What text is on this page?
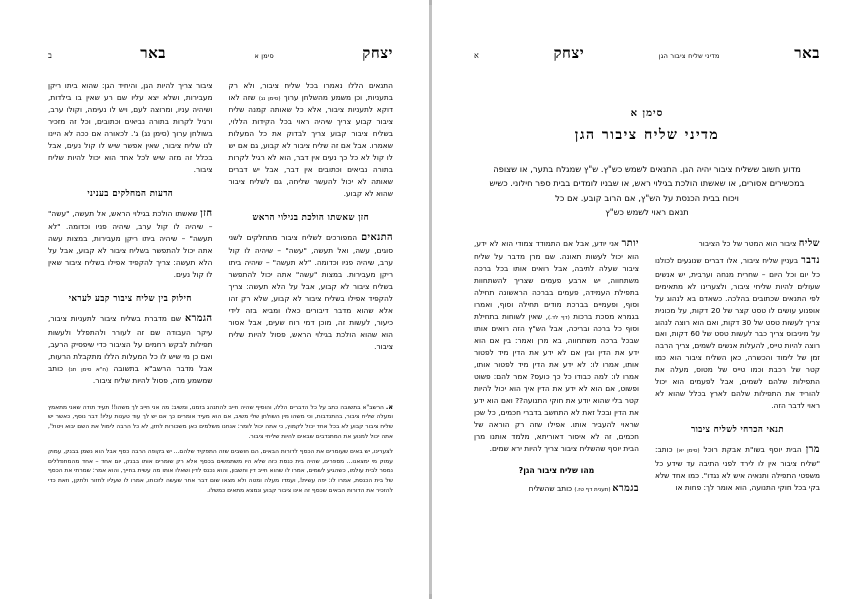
יצחק
סימן א
באר
ב

התנאים הללו נאמרו בכל שליח ציבור, ולא רק בתעניות, וכן משמע מהשלחן ערוך (סימן נג) שזה לאו דוקא לתעניות ציבור, אלא כל שאותה קמנה שליח ציבור קבוע צריך שיהיה ראוי בכל הקידות הללוי, בשליח ציבור קבוע צריך לבדוק את כל המעלות שאמרו. אבל אם זה שליח ציבור לא קבוע, גם אם יש לו קול לא כל כך נעים אין דבר, הוא לא רגיל לקרות בתורה נביאים וכתובים אין דבר, אבל יש דברים שאותה לא יכול להעשר שליחה, גם לשליח ציבור שהוא לא קבוע.

חזן שאשתו הולכת בגילוי הראש

התנאים המפורכים לשליח ציבור מתחלקים לשני סוגים, עשה, ואל תעשה, "עשה" – שיהיה לו קול ערב, שיהיה פניו וכדומה. "לא תעשה" – שיהיה ביתו ריקן מעבירות. במצות "עשה" אתה יכול להתפשר בשליח ציבור לא קבוע, אבל על הלא תעשה: צריך להקפיד אפילו בשליח ציבור לא קבוע, שלא רק זהו אלא שהוא מדבר דיבורים כאלו ומביא בזה לידי כיעור, לעשות זה, מוכן דמי רוח שעים, אבל אסור הוא שהוא הולכת בגילוי הראש, פסול להיות שליח ציבור.

ציבור צריך להיות הגן, והיחיד הגן: שהוא ביתו ריקן מעבירות, ושלא יצא עליו שם רע שאין בו בילדות, ושיהיה עניו, ומרוצה לעם, ויש לו נעימה, וקולו ערב, ורגיל לקרות בתורה נביאים וכתובים, וכל זה מזכיר בשולחן ערוך (סימן נג) ג'. לכאורה אם ככה לא היינו לנו שליח ציבור, שאין אפשר שיש לו קול נעים, אבל בכלל זה מזה שיש לכל אחד הוא יכול להיות שליח ציבור.

הדעות המחלקים בעניני

חזן שאשתו הולכת בגילוי הראש, אל תעשה, "עשה" – שיהיה לו קול ערב, שיהיה פניו וכדומה. "לא תעשה" – שיהיה ביתו ריקן מעבירות, במצות עשה אתה יכול להתפשר בשליח ציבור לא קבוע, אבל על הלא תעשה: צריך להקפיד אפילו בשליח ציבור שאין לו קול נעים.

חילוק בין שליח ציבור קבע לעראי

הגמרא שם מדברת בשליח ציבור לתעניות ציבור, עיקר העבודה שם זה לעורר ולהתפלל ולעשות תפילות לבקש רחמים על הציבור כדי שיפסיק הרעב, ואם כן מי שיש לו כל המעלות הללו מתקבלת הרעות, אבל מדבר הרשב"א בתשובה (ח"א סימן תנ) כותב שמשמע מזה, פסול להיות שליח ציבור.

א.הרשב"א בתשובה כתב על כל הדברים הללו, והוסיף שהיה חייב להתנהג בזמנו, ומשיב: מה אני חייב לך משהו!! תעיד תודה שאני מתאמץ ומעלה שליח ציבור, בהתנדבות, וכי משהו מין השולחן שלי משיב, אם הוא מעיד אומרים כך אם יש לך עוד טענות עליו! דבר נוסף, כאשר יש שליח ציבור קבוע לא בכל אחד יכול לקמוץ, כי אתה יכול לומר: אנחנו משלמים כאן משכורות לחזן, לא כל הרבה לימול את השם יבוא ויטול', אתה יכול למנוע את המתנדבים שבאים להיות שליחי ציבור.

לצערינו, יש באים שעומרים את הכסף לדורות הבאים, הם חושבים שזה התפקיד שלהם... יש בקופה הרבה כסף אבל הוא נשמן בבנק, עמוק עמוק מי ימצאנו... מספרים, שהיה בית כנסת כזה שלא היו משתמשים בכסף אלא רק שומרים אותו בבנק, יום אחד – אחד מהמתפללים נמסר לבית עולמו, כשהגיע לשמים, אמרו לו שהוא חייב דין וחשבון, והוא נכנס לדין ושאלו אותו מה עשית בחייך, והוא אמר: שמרתי את הכסף של בית הכנסת, אמרו לו: יפה עשית!, ועמדו מעלה ומטה ולא מצאו שום דבר אחר שעשה לזכותו, אמרו לו שעליו לחזור ולתקן, וזאת כדי להזכיר את הדורות הבאים שכסף זה אינו ציבור קבוע ונמצא מתאים כמשלו.

באר
מדיני שליח ציבור הגן
יצחק
א
סימן א
מדיני שליח ציבור הגן
מדוע חשוב ששליח ציבור יהיה הגן. התנאים לשמש כש"ץ. ש"ץ שמגלח בתער, או שצופה במכשירים אסורים, או שאשתו הולכת בגילוי ראש, או שבניו לומדים בבית ספר חילוני. כשיש ויכוח בבית הכנסת על הש"ץ, אם הרוב קובע. אם כל
תנאם ראוי לשמש כש"ץ

שליח ציבור הוא המטר של כל הציבור

נדבר בעניין שליח ציבור, אלו דברים שנוגעים לכולנו כל יום וכל היום – שחרית מנחה וערבית, יש אנשים שעולים להיות שליחי ציבור, ולצערינו לא מתאימים לפי התנאים שכתובים בהלכה. כשאדם בא לנהוג על אופנוע עושים לו טסט קצר של 20 דקות, על מכונית צריך לעשות טסט של 30 דקות, ואם הוא רוצה לנהוג על מיניבוס צריך כבר לעשות טסט של 60 דקות, ואם רוצה להיות טייס, להעלות אנשים לשמים, צריך הרבה זמן של לימוד והכשרה, כאן השליח ציבור הוא כמו קטר של רכבת וכמו טייס של מטוס, מעלה את התפילות שלהם לשמים, אבל לפעמים הוא יכול להוריד את התפילות שלהם לארץ בכלל שהוא לא ראוי לדבר הזה.

תנאי הכרחי לשליח ציבור

מרן הבית יוסף בשו"ת אבקת רוכל (סימן יא) כותב: "שליח ציבור אין לו לירד לפני התיבה עד שידע כל משפטי התפילה ותנאיה איש לא נגדו". כמו אחד שלא בקי בכל חוקי התנועה, הוא אומר לך: פחות או

יותר אני יודע, אבל אם התמודד צמודי הוא לא ידע, הוא יכול לעשות תאונה. שם מרן מדבר על שליח ציבור שעלה לתיבה, אבל רואים אותו בכל ברכה משתחווה, יש ארבע פעמים שצריך להשתחוות בתפילת העמידה, פעמים בברכה הראשונה תחילה וסוף, ופעמיים בברכת מודים תחילה וסוף, ואמרו בגמרא מסכת ברכות (דף לד.), שאין לשוחות בתחילת וסוף כל ברכה ובריכה, אבל הש"ץ הזה רואים אותו שבכל ברכה משתחווה, בא מרן ואמר: בין אם הוא ידע את הדין ובין אם לא ידע את הדין מיד לפטור אותו, אמרו לו: לא ידע את הדין מיד לפטור אותו, אמרו לו: למה כבודו כל כך כועס? אמר להם: פשוט ופשוט, אם הוא לא ידע את הדין איך הוא יכול להיות קטר בלי שהוא יודע את חוקי התנועה?? ואם הוא ידע את הדין ובכל זאת לא התחשב בדברי חכמים, כל שכן שראוי להעביר אותו. אפילו שזה רק הוראה של חכמים, זה לא איסור דאוריתא, מלמד אותנו מרן הבית יוסף שהשליח ציבור צריך להיות ירא שמים.

מהו שליח ציבור הגן?

בגמרא (תענית דף טז.) כותב שהשליח
